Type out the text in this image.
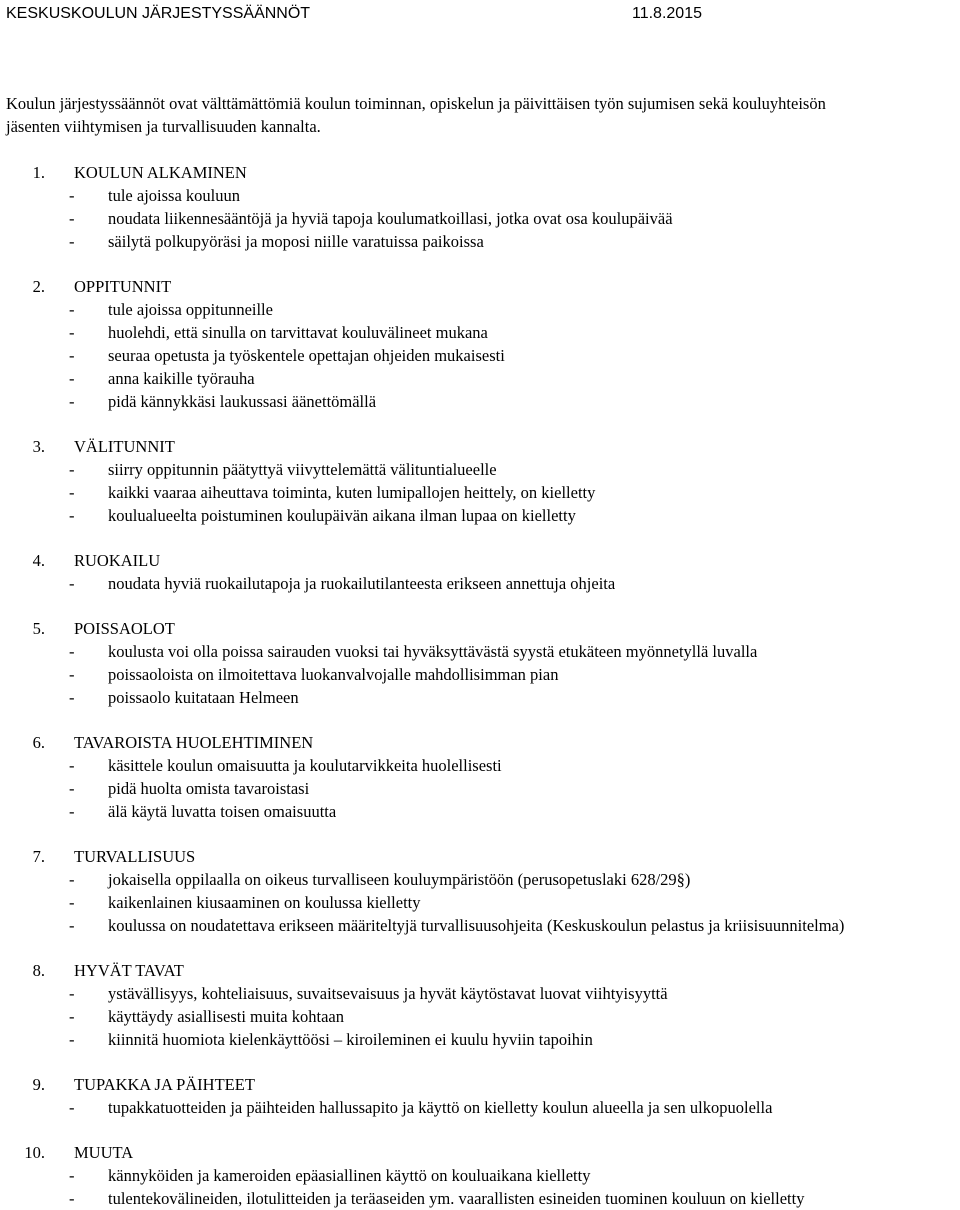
KESKUSKOULUN JÄRJESTYSSÄÄNNÖT	11.8.2015
Koulun järjestyssäännöt ovat välttämättömiä koulun toiminnan, opiskelun ja päivittäisen työn sujumisen sekä kouluyhteisön
jäsenten viihtymisen ja turvallisuuden kannalta.
1. KOULUN ALKAMINEN
- tule ajoissa kouluun
- noudata liikennesääntöjä ja hyviä tapoja koulumatkoillasi, jotka ovat osa koulupäivää
- säilytä polkupyöräsi ja moposi niille varatuissa paikoissa
2. OPPITUNNIT
- tule ajoissa oppitunneille
- huolehdi, että sinulla on tarvittavat kouluvälineet mukana
- seuraa opetusta ja työskentele opettajan ohjeiden mukaisesti
- anna kaikille työrauha
- pidä kännykkäsi laukussasi äänettömällä
3. VÄLITUNNIT
- siirry oppitunnin päätyttyä viivyttelemättä välituntialueelle
- kaikki vaaraa aiheuttava toiminta, kuten lumipallojen heittely, on kielletty
- koulualueelta poistuminen koulupäivän aikana ilman lupaa on kielletty
4. RUOKAILU
- noudata hyviä ruokailutapoja ja ruokailutilanteesta erikseen annettuja ohjeita
5. POISSAOLOT
- koulusta voi olla poissa sairauden vuoksi tai hyväksyttävästä syystä etukäteen myönnetyllä luvalla
- poissaoloista on ilmoitettava luokanvalvojalle mahdollisimman pian
- poissaolo kuitataan Helmeen
6. TAVAROISTA HUOLEHTIMINEN
- käsittele koulun omaisuutta ja koulutarvikkeita huolellisesti
- pidä huolta omista tavaroistasi
- älä käytä luvatta toisen omaisuutta
7. TURVALLISUUS
- jokaisella oppilaalla on oikeus turvalliseen kouluympäristöön (perusopetuslaki 628/29§)
- kaikenlainen kiusaaminen on koulussa kielletty
- koulussa on noudatettava erikseen määriteltyjä turvallisuusohjeita (Keskuskoulun pelastus ja kriisisuunnitelma)
8. HYVÄT TAVAT
- ystävällisyys, kohteliaisuus, suvaitsevaisuus ja hyvät käytöstavat luovat viihtyisyyttä
- käyttäydy asiallisesti muita kohtaan
- kiinnitä huomiota kielenkäyttöösi – kiroileminen ei kuulu hyviin tapoihin
9. TUPAKKA JA PÄIHTEET
- tupakkatuotteiden ja päihteiden hallussapito ja käyttö on kielletty koulun alueella ja sen ulkopuolella
10. MUUTA
- kännyköiden ja kameroiden epäasiallinen käyttö on kouluaikana kielletty
- tulentekovälineiden, ilotulitteiden ja teräaseiden ym. vaarallisten esineiden tuominen kouluun on kielletty
